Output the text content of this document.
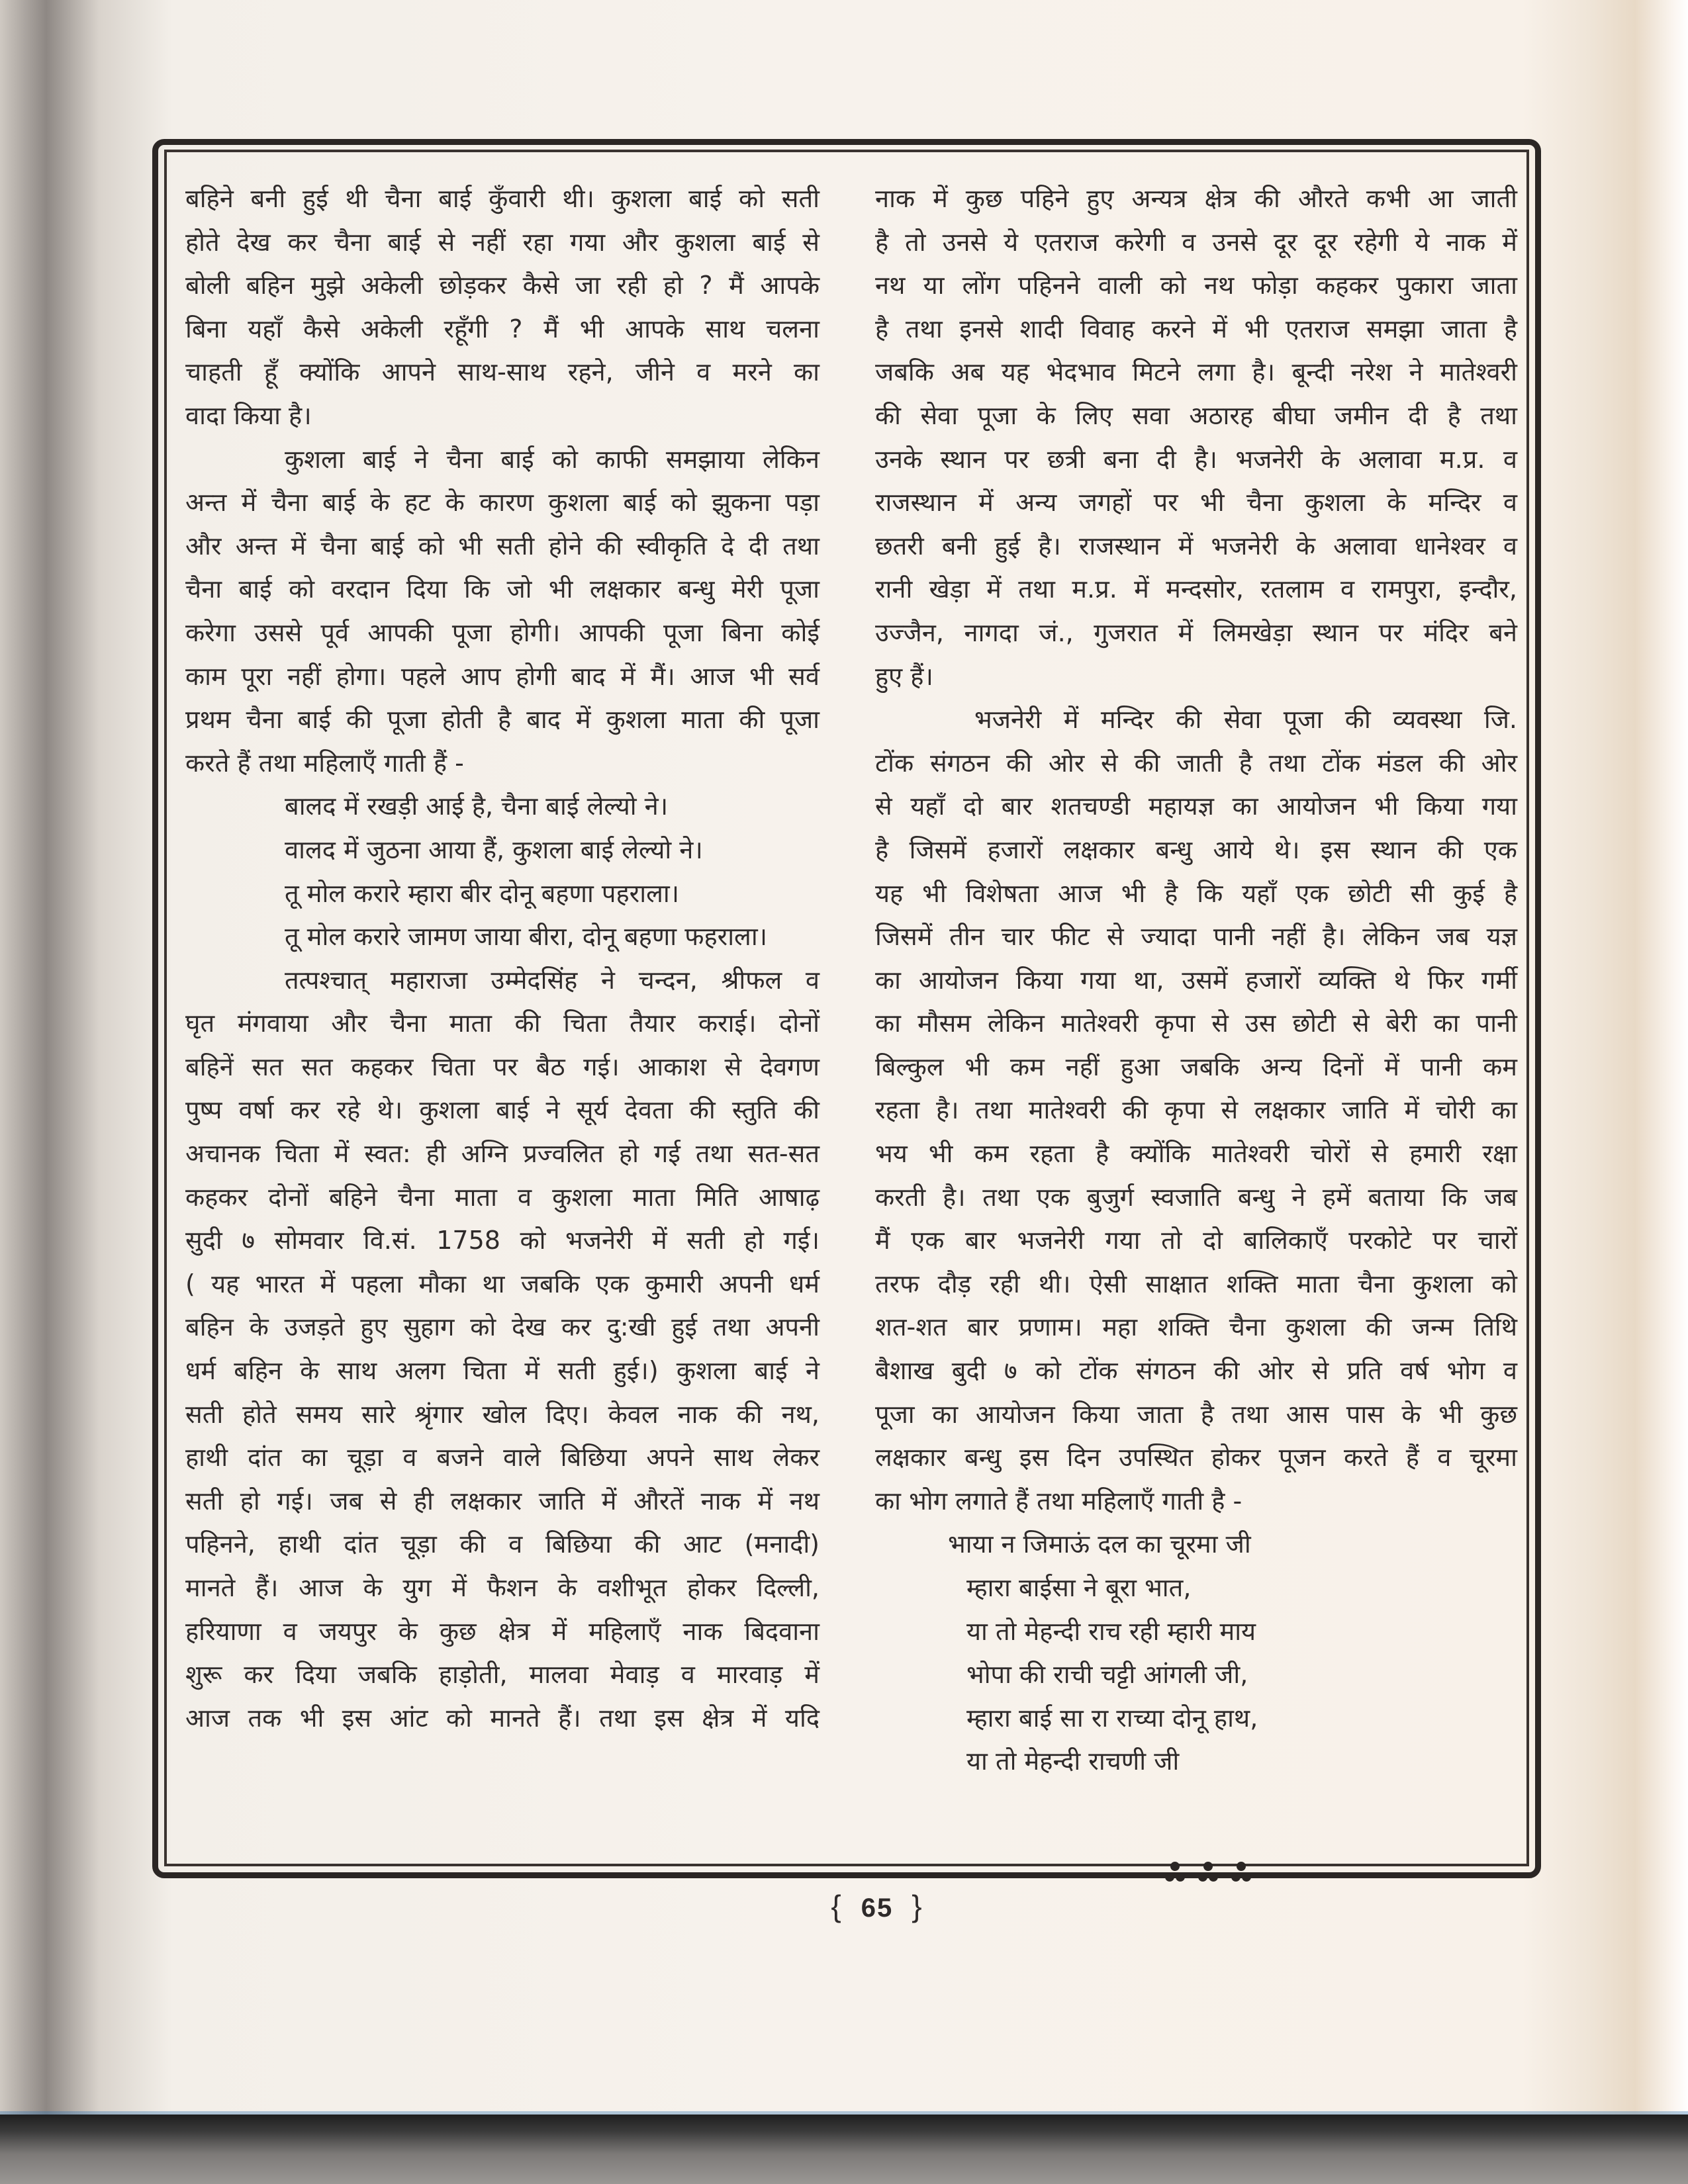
बहिने बनी हुई थी चैना बाई कुँवारी थी। कुशला बाई को सती
होते देख कर चैना बाई से नहीं रहा गया और कुशला बाई से
बोली बहिन मुझे अकेली छोड़कर कैसे जा रही हो ? मैं आपके
बिना यहाँ कैसे अकेली रहूँगी ? मैं भी आपके साथ चलना
चाहती हूँ क्योंकि आपने साथ-साथ रहने, जीने व मरने का
वादा किया है।
कुशला बाई ने चैना बाई को काफी समझाया लेकिन
अन्त में चैना बाई के हट के कारण कुशला बाई को झुकना पड़ा
और अन्त में चैना बाई को भी सती होने की स्वीकृति दे दी तथा
चैना बाई को वरदान दिया कि जो भी लक्षकार बन्धु मेरी पूजा
करेगा उससे पूर्व आपकी पूजा होगी। आपकी पूजा बिना कोई
काम पूरा नहीं होगा। पहले आप होगी बाद में मैं। आज भी सर्व
प्रथम चैना बाई की पूजा होती है बाद में कुशला माता की पूजा
करते हैं तथा महिलाएँ गाती हैं -
बालद में रखड़ी आई है, चैना बाई लेल्यो ने।
वालद में जुठना आया हैं, कुशला बाई लेल्यो ने।
तू मोल करारे म्हारा बीर दोनू बहणा पहराला।
तू मोल करारे जामण जाया बीरा, दोनू बहणा फहराला।
तत्पश्चात् महाराजा उम्मेदसिंह ने चन्दन, श्रीफल व
घृत मंगवाया और चैना माता की चिता तैयार कराई। दोनों
बहिनें सत सत कहकर चिता पर बैठ गई। आकाश से देवगण
पुष्प वर्षा कर रहे थे। कुशला बाई ने सूर्य देवता की स्तुति की
अचानक चिता में स्वत: ही अग्नि प्रज्वलित हो गई तथा सत-सत
कहकर दोनों बहिने चैना माता व कुशला माता मिति आषाढ़
सुदी ७ सोमवार वि.सं. 1758 को भजनेरी में सती हो गई।
( यह भारत में पहला मौका था जबकि एक कुमारी अपनी धर्म
बहिन के उजड़ते हुए सुहाग को देख कर दु:खी हुई तथा अपनी
धर्म बहिन के साथ अलग चिता में सती हुई।) कुशला बाई ने
सती होते समय सारे श्रृंगार खोल दिए। केवल नाक की नथ,
हाथी दांत का चूड़ा व बजने वाले बिछिया अपने साथ लेकर
सती हो गई। जब से ही लक्षकार जाति में औरतें नाक में नथ
पहिनने, हाथी दांत चूड़ा की व बिछिया की आट (मनादी)
मानते हैं। आज के युग में फैशन के वशीभूत होकर दिल्ली,
हरियाणा व जयपुर के कुछ क्षेत्र में महिलाएँ नाक बिदवाना
शुरू कर दिया जबकि हाड़ोती, मालवा मेवाड़ व मारवाड़ में
आज तक भी इस आंट को मानते हैं। तथा इस क्षेत्र में यदि
नाक में कुछ पहिने हुए अन्यत्र क्षेत्र की औरते कभी आ जाती
है तो उनसे ये एतराज करेगी व उनसे दूर दूर रहेगी ये नाक में
नथ या लोंग पहिनने वाली को नथ फोड़ा कहकर पुकारा जाता
है तथा इनसे शादी विवाह करने में भी एतराज समझा जाता है
जबकि अब यह भेदभाव मिटने लगा है। बून्दी नरेश ने मातेश्वरी
की सेवा पूजा के लिए सवा अठारह बीघा जमीन दी है तथा
उनके स्थान पर छत्री बना दी है। भजनेरी के अलावा म.प्र. व
राजस्थान में अन्य जगहों पर भी चैना कुशला के मन्दिर व
छतरी बनी हुई है। राजस्थान में भजनेरी के अलावा धानेश्वर व
रानी खेड़ा में तथा म.प्र. में मन्दसोर, रतलाम व रामपुरा, इन्दौर,
उज्जैन, नागदा जं., गुजरात में लिमखेड़ा स्थान पर मंदिर बने
हुए हैं।
भजनेरी में मन्दिर की सेवा पूजा की व्यवस्था जि.
टोंक संगठन की ओर से की जाती है तथा टोंक मंडल की ओर
से यहाँ दो बार शतचण्डी महायज्ञ का आयोजन भी किया गया
है जिसमें हजारों लक्षकार बन्धु आये थे। इस स्थान की एक
यह भी विशेषता आज भी है कि यहाँ एक छोटी सी कुई है
जिसमें तीन चार फीट से ज्यादा पानी नहीं है। लेकिन जब यज्ञ
का आयोजन किया गया था, उसमें हजारों व्यक्ति थे फिर गर्मी
का मौसम लेकिन मातेश्वरी कृपा से उस छोटी से बेरी का पानी
बिल्कुल भी कम नहीं हुआ जबकि अन्य दिनों में पानी कम
रहता है। तथा मातेश्वरी की कृपा से लक्षकार जाति में चोरी का
भय भी कम रहता है क्योंकि मातेश्वरी चोरों से हमारी रक्षा
करती है। तथा एक बुजुर्ग स्वजाति बन्धु ने हमें बताया कि जब
मैं एक बार भजनेरी गया तो दो बालिकाएँ परकोटे पर चारों
तरफ दौड़ रही थी। ऐसी साक्षात शक्ति माता चैना कुशला को
शत-शत बार प्रणाम। महा शक्ति चैना कुशला की जन्म तिथि
बैशाख बुदी ७ को टोंक संगठन की ओर से प्रति वर्ष भोग व
पूजा का आयोजन किया जाता है तथा आस पास के भी कुछ
लक्षकार बन्धु इस दिन उपस्थित होकर पूजन करते हैं व चूरमा
का भोग लगाते हैं तथा महिलाएँ गाती है -
भाया न जिमाऊं दल का चूरमा जी
म्हारा बाईसा ने बूरा भात,
या तो मेहन्दी राच रही म्हारी माय
भोपा की राची चट्टी आंगली जी,
म्हारा बाई सा रा राच्या दोनू हाथ,
या तो मेहन्दी राचणी जी
{ 65 }
